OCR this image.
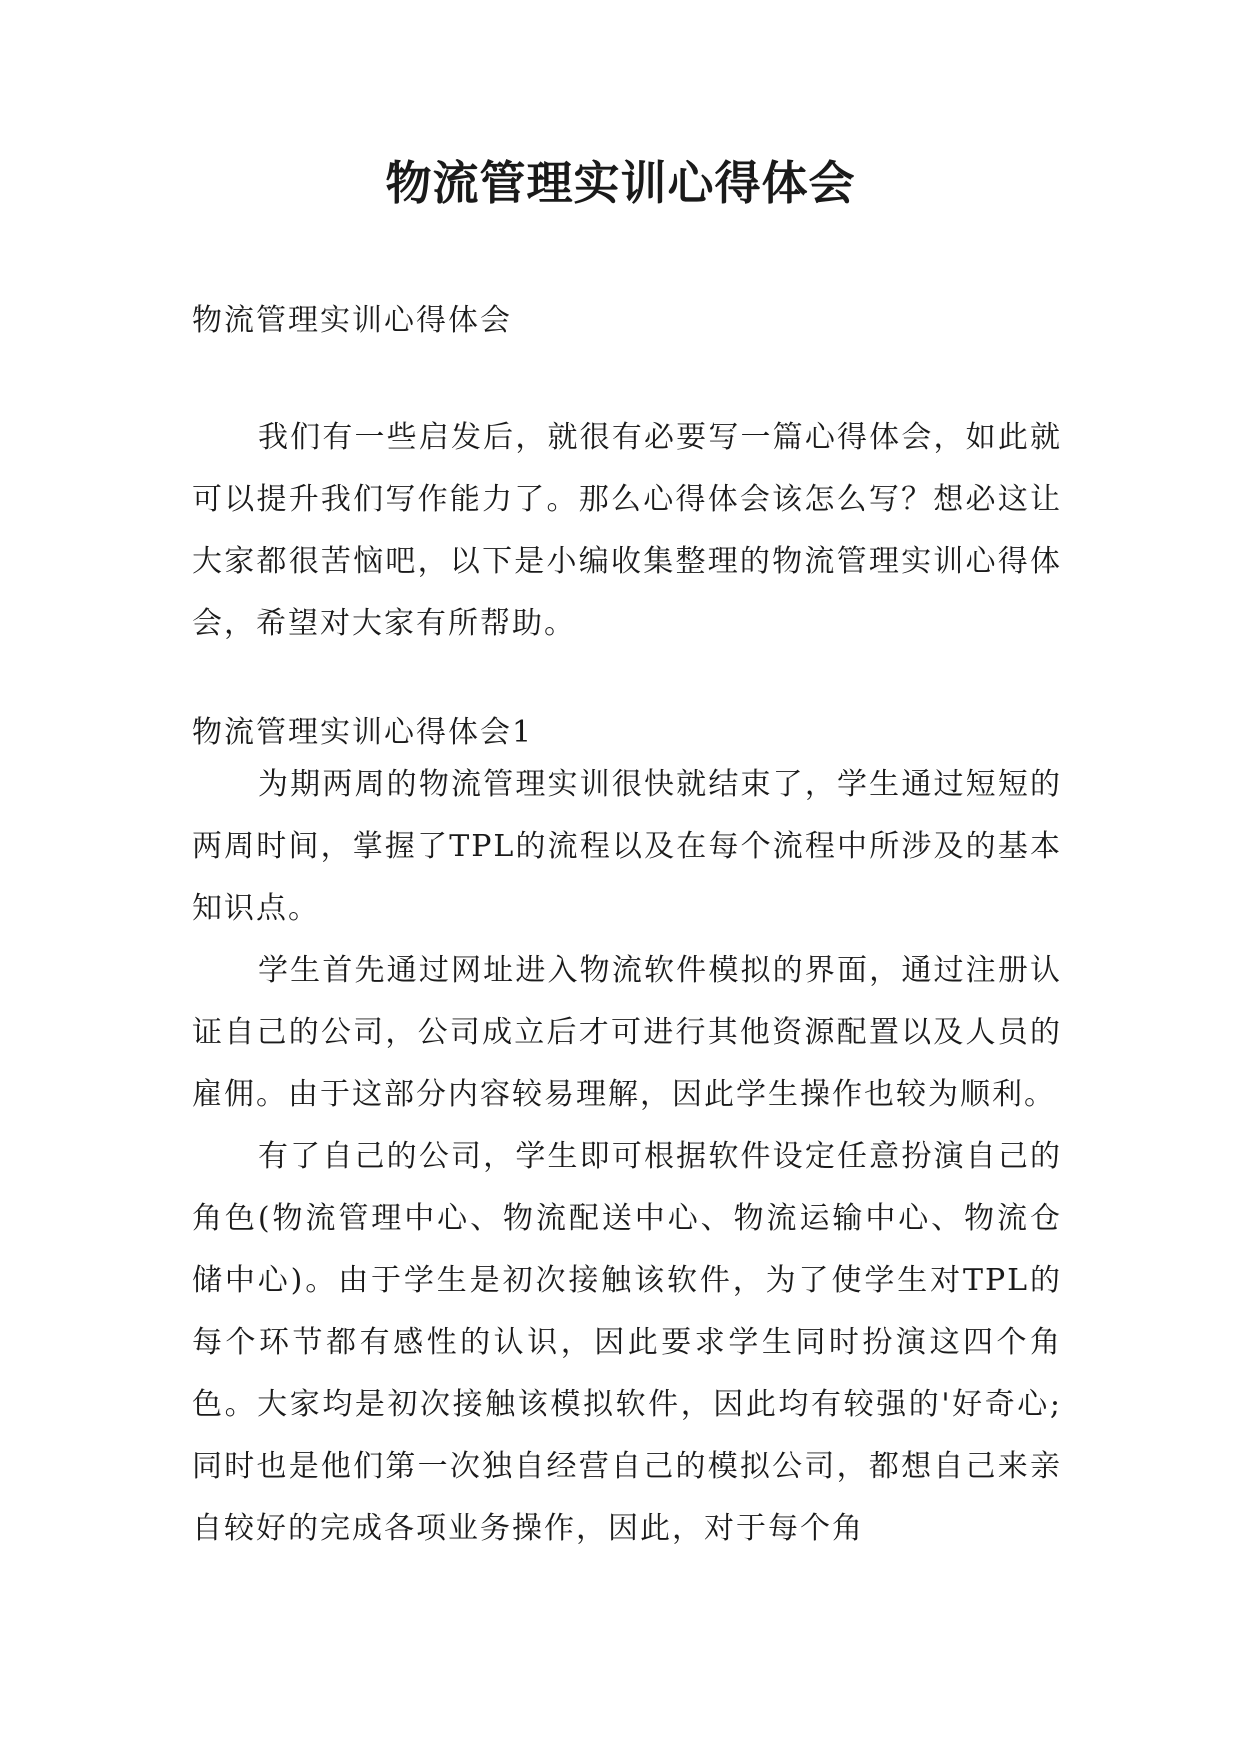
物流管理实训心得体会
物流管理实训心得体会

我们有一些启发后，就很有必要写一篇心得体会，如此就可以提升我们写作能力了。那么心得体会该怎么写？想必这让大家都很苦恼吧，以下是小编收集整理的物流管理实训心得体会，希望对大家有所帮助。

物流管理实训心得体会1

为期两周的物流管理实训很快就结束了，学生通过短短的两周时间，掌握了TPL的流程以及在每个流程中所涉及的基本知识点。

学生首先通过网址进入物流软件模拟的界面，通过注册认证自己的公司，公司成立后才可进行其他资源配置以及人员的雇佣。由于这部分内容较易理解，因此学生操作也较为顺利。

有了自己的公司，学生即可根据软件设定任意扮演自己的角色(物流管理中心、物流配送中心、物流运输中心、物流仓储中心)。由于学生是初次接触该软件，为了使学生对TPL的每个环节都有感性的认识，因此要求学生同时扮演这四个角色。大家均是初次接触该模拟软件，因此均有较强的'好奇心;同时也是他们第一次独自经营自己的模拟公司，都想自己来亲自较好的完成各项业务操作，因此，对于每个角
